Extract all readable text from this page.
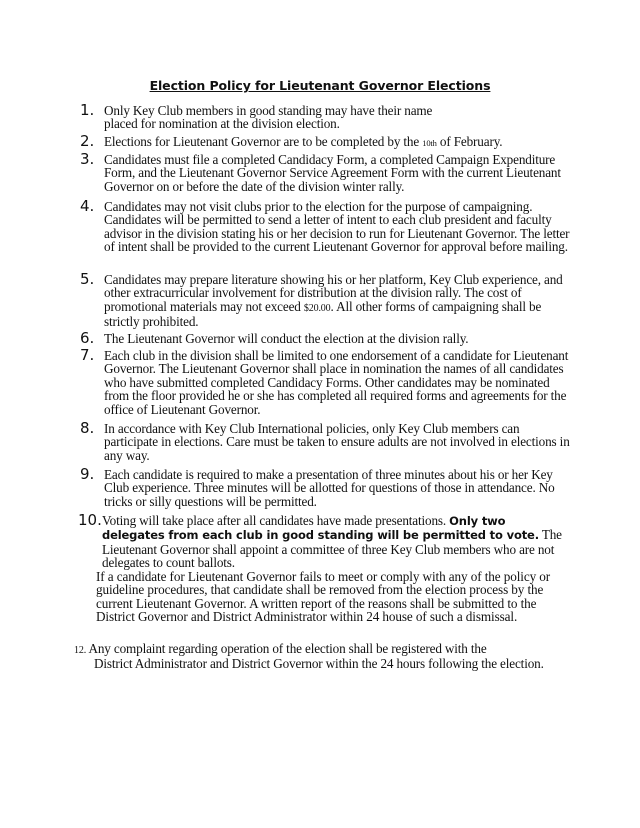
Election Policy for Lieutenant Governor Elections
1. Only Key Club members in good standing may have their name placed for nomination at the division election.
2. Elections for Lieutenant Governor are to be completed by the 10th of February.
3. Candidates must file a completed Candidacy Form, a completed Campaign Expenditure Form, and the Lieutenant Governor Service Agreement Form with the current Lieutenant Governor on or before the date of the division winter rally.
4. Candidates may not visit clubs prior to the election for the purpose of campaigning. Candidates will be permitted to send a letter of intent to each club president and faculty advisor in the division stating his or her decision to run for Lieutenant Governor. The letter of intent shall be provided to the current Lieutenant Governor for approval before mailing.
5. Candidates may prepare literature showing his or her platform, Key Club experience, and other extracurricular involvement for distribution at the division rally. The cost of promotional materials may not exceed $20.00. All other forms of campaigning shall be strictly prohibited.
6. The Lieutenant Governor will conduct the election at the division rally.
7. Each club in the division shall be limited to one endorsement of a candidate for Lieutenant Governor. The Lieutenant Governor shall place in nomination the names of all candidates who have submitted completed Candidacy Forms. Other candidates may be nominated from the floor provided he or she has completed all required forms and agreements for the office of Lieutenant Governor.
8. In accordance with Key Club International policies, only Key Club members can participate in elections. Care must be taken to ensure adults are not involved in elections in any way.
9. Each candidate is required to make a presentation of three minutes about his or her Key Club experience. Three minutes will be allotted for questions of those in attendance. No tricks or silly questions will be permitted.
10. Voting will take place after all candidates have made presentations. Only two delegates from each club in good standing will be permitted to vote. The Lieutenant Governor shall appoint a committee of three Key Club members who are not delegates to count ballots.
If a candidate for Lieutenant Governor fails to meet or comply with any of the policy or guideline procedures, that candidate shall be removed from the election process by the current Lieutenant Governor. A written report of the reasons shall be submitted to the District Governor and District Administrator within 24 house of such a dismissal.
12. Any complaint regarding operation of the election shall be registered with the
District Administrator and District Governor within the 24 hours following the election.
